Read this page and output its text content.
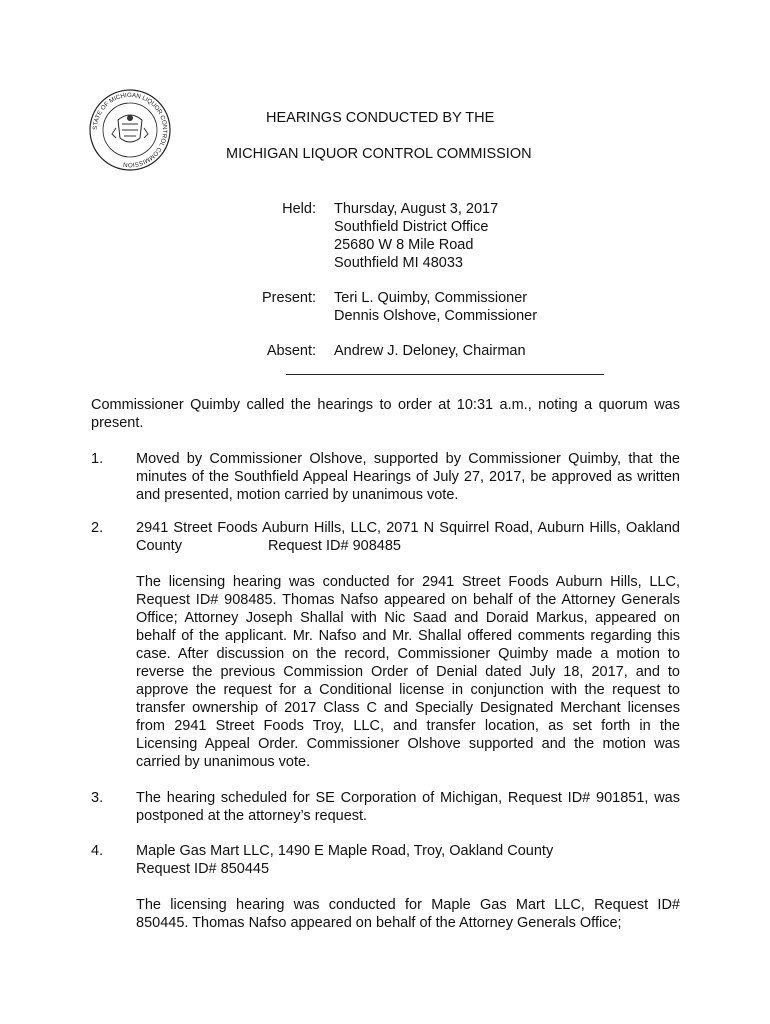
STATE OF MICHIGAN LIQUOR CONTROL COMMISSION
HEARINGS CONDUCTED BY THE
MICHIGAN LIQUOR CONTROL COMMISSION
Held: Thursday, August 3, 2017
Southfield District Office
25680 W 8 Mile Road
Southfield MI 48033
Present: Teri L. Quimby, Commissioner
Dennis Olshove, Commissioner
Absent: Andrew J. Deloney, Chairman
Commissioner Quimby called the hearings to order at 10:31 a.m., noting a quorum was
present.
1. Moved by Commissioner Olshove, supported by Commissioner Quimby, that the
minutes of the Southfield Appeal Hearings of July 27, 2017, be approved as written
and presented, motion carried by unanimous vote.
2. 2941 Street Foods Auburn Hills, LLC, 2071 N Squirrel Road, Auburn Hills, Oakland
County	Request ID# 908485
The licensing hearing was conducted for 2941 Street Foods Auburn Hills, LLC,
Request ID# 908485. Thomas Nafso appeared on behalf of the Attorney Generals
Office; Attorney Joseph Shallal with Nic Saad and Doraid Markus, appeared on
behalf of the applicant. Mr. Nafso and Mr. Shallal offered comments regarding this
case. After discussion on the record, Commissioner Quimby made a motion to
reverse the previous Commission Order of Denial dated July 18, 2017, and to
approve the request for a Conditional license in conjunction with the request to
transfer ownership of 2017 Class C and Specially Designated Merchant licenses
from 2941 Street Foods Troy, LLC, and transfer location, as set forth in the
Licensing Appeal Order. Commissioner Olshove supported and the motion was
carried by unanimous vote.
3. The hearing scheduled for SE Corporation of Michigan, Request ID# 901851, was
postponed at the attorney’s request.
4. Maple Gas Mart LLC, 1490 E Maple Road, Troy, Oakland County
Request ID# 850445
The licensing hearing was conducted for Maple Gas Mart LLC, Request ID#
850445. Thomas Nafso appeared on behalf of the Attorney Generals Office;
